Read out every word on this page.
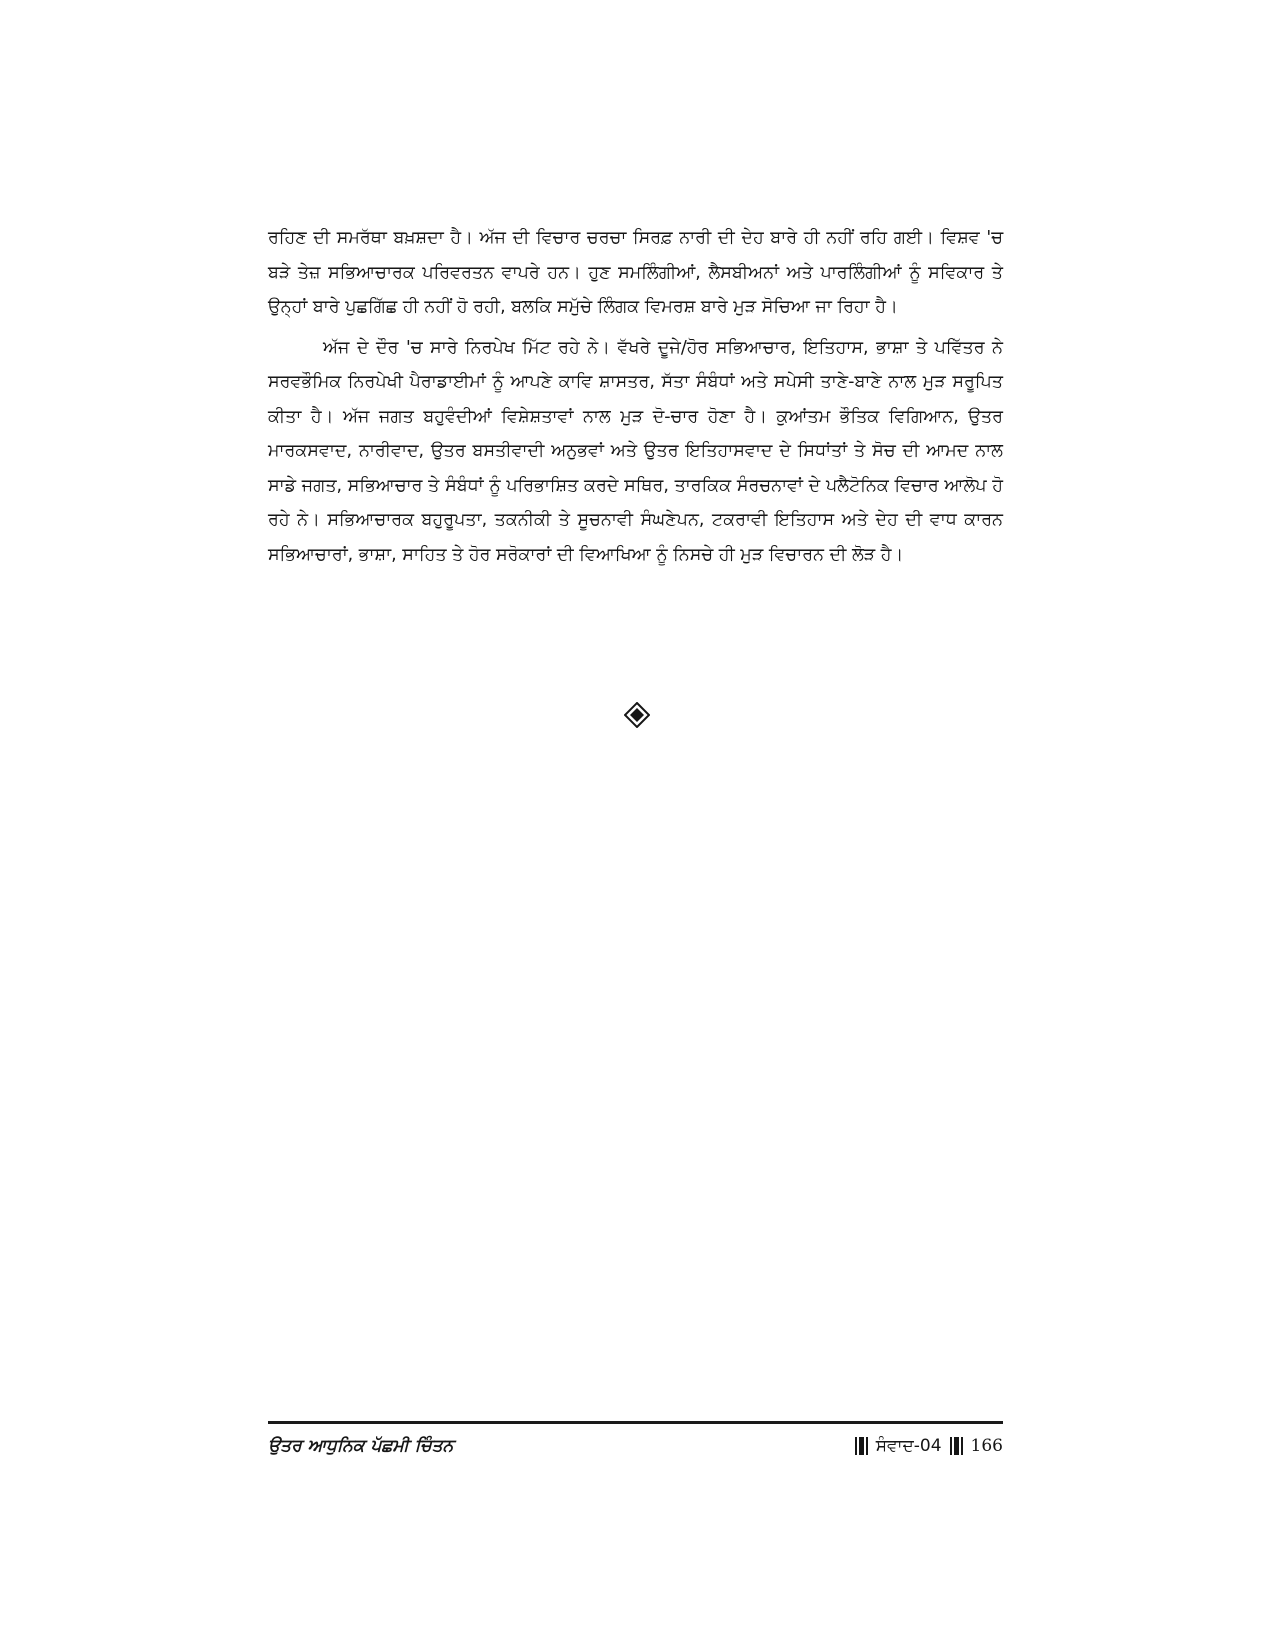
ਰਹਿਣ ਦੀ ਸਮਰੱਥਾ ਬਖ਼ਸ਼ਦਾ ਹੈ। ਅੱਜ ਦੀ ਵਿਚਾਰ ਚਰਚਾ ਸਿਰਫ਼ ਨਾਰੀ ਦੀ ਦੇਹ ਬਾਰੇ ਹੀ ਨਹੀਂ ਰਹਿ ਗਈ। ਵਿਸ਼ਵ 'ਚ ਬੜੇ ਤੇਜ਼ ਸਭਿਆਚਾਰਕ ਪਰਿਵਰਤਨ ਵਾਪਰੇ ਹਨ। ਹੁਣ ਸਮਲਿੰਗੀਆਂ, ਲੈਸਬੀਅਨਾਂ ਅਤੇ ਪਾਰਲਿੰਗੀਆਂ ਨੂੰ ਸਵਿਕਾਰ ਤੇ ਉਨ੍ਹਾਂ ਬਾਰੇ ਪੁਛਗਿੱਛ ਹੀ ਨਹੀਂ ਹੋ ਰਹੀ, ਬਲਕਿ ਸਮੁੱਚੇ ਲਿੰਗਕ ਵਿਮਰਸ਼ ਬਾਰੇ ਮੁੜ ਸੋਚਿਆ ਜਾ ਰਿਹਾ ਹੈ।

ਅੱਜ ਦੇ ਦੌਰ 'ਚ ਸਾਰੇ ਨਿਰਪੇਖ ਮਿੱਟ ਰਹੇ ਨੇ। ਵੱਖਰੇ ਦੂਜੇ/ਹੋਰ ਸਭਿਆਚਾਰ, ਇਤਿਹਾਸ, ਭਾਸ਼ਾ ਤੇ ਪਵਿੱਤਰ ਨੇ ਸਰਵਭੌਮਿਕ ਨਿਰਪੇਖੀ ਪੈਰਾਡਾਈਮਾਂ ਨੂੰ ਆਪਣੇ ਕਾਵਿ ਸ਼ਾਸਤਰ, ਸੱਤਾ ਸੰਬੰਧਾਂ ਅਤੇ ਸਪੇਸੀ ਤਾਣੇ-ਬਾਣੇ ਨਾਲ ਮੁੜ ਸਰੂਪਿਤ ਕੀਤਾ ਹੈ। ਅੱਜ ਜਗਤ ਬਹੁਵੰਦੀਆਂ ਵਿਸ਼ੇਸ਼ਤਾਵਾਂ ਨਾਲ ਮੁੜ ਦੋ-ਚਾਰ ਹੋਣਾ ਹੈ। ਕੁਆਂਤਮ ਭੌਤਿਕ ਵਿਗਿਆਨ, ਉਤਰ ਮਾਰਕਸਵਾਦ, ਨਾਰੀਵਾਦ, ਉਤਰ ਬਸਤੀਵਾਦੀ ਅਨੁਭਵਾਂ ਅਤੇ ਉਤਰ ਇਤਿਹਾਸਵਾਦ ਦੇ ਸਿਧਾਂਤਾਂ ਤੇ ਸੋਚ ਦੀ ਆਮਦ ਨਾਲ ਸਾਡੇ ਜਗਤ, ਸਭਿਆਚਾਰ ਤੇ ਸੰਬੰਧਾਂ ਨੂੰ ਪਰਿਭਾਸ਼ਿਤ ਕਰਦੇ ਸਥਿਰ, ਤਾਰਕਿਕ ਸੰਰਚਨਾਵਾਂ ਦੇ ਪਲੈਟੋਨਿਕ ਵਿਚਾਰ ਆਲੋਪ ਹੋ ਰਹੇ ਨੇ। ਸਭਿਆਚਾਰਕ ਬਹੁਰੂਪਤਾ, ਤਕਨੀਕੀ ਤੇ ਸੂਚਨਾਵੀ ਸੰਘਣੇਪਨ, ਟਕਰਾਵੀ ਇਤਿਹਾਸ ਅਤੇ ਦੇਹ ਦੀ ਵਾਧ ਕਾਰਨ ਸਭਿਆਚਾਰਾਂ, ਭਾਸ਼ਾ, ਸਾਹਿਤ ਤੇ ਹੋਰ ਸਰੋਕਾਰਾਂ ਦੀ ਵਿਆਖਿਆ ਨੂੰ ਨਿਸਚੇ ਹੀ ਮੁੜ ਵਿਚਾਰਨ ਦੀ ਲੋੜ ਹੈ।

ਉਤਰ ਆਧੁਨਿਕ ਪੱਛਮੀ ਚਿੰਤਨ	ਸੰਵਾਦ-04 166
